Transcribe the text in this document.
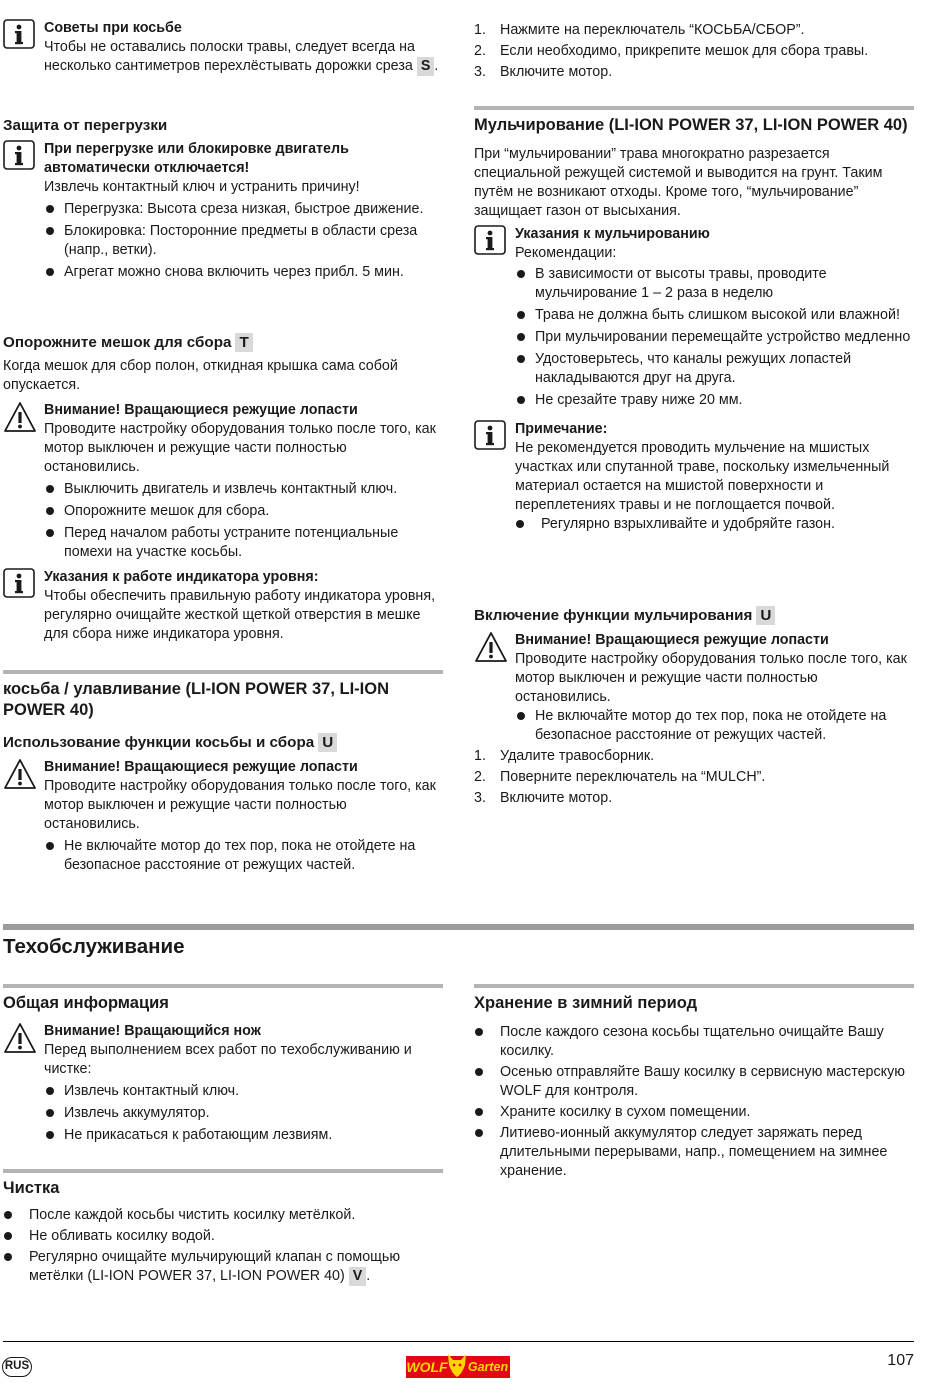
Советы при косьбе

Чтобы не оставались полоски травы, следует всегда на несколько сантиметров перехлёстывать дорожки среза S .

Защита от перегрузки

При перегрузке или блокировке двигатель автоматически отключается!

Извлечь контактный ключ и устранить причину!

Перегрузка: Высота среза низкая, быстрое движение.
Блокировка: Посторонние предметы в области среза (напр., ветки).
Агрегат можно снова включить через прибл. 5 мин.

Опорожните мешок для сбора T

Когда мешок для сбор полон, откидная крышка сама собой опускается.

Внимание! Вращающиеся режущие лопасти

Проводите настройку оборудования только после того, как мотор выключен и режущие части полностью остановились.

Выключить двигатель и извлечь контактный ключ.
Опорожните мешок для сбора.
Перед началом работы устраните потенциальные помехи на участке косьбы.

Указания к работе индикатора уровня:

Чтобы обеспечить правильную работу индикатора уровня, регулярно очищайте жесткой щеткой отверстия в мешке для сбора ниже индикатора уровня.

косьба / улавливание (LI-ION POWER 37, LI-ION POWER 40)

Использование функции косьбы и сбора U

Внимание! Вращающиеся режущие лопасти

Проводите настройку оборудования только после того, как мотор выключен и режущие части полностью остановились.

Не включайте мотор до тех пор, пока не отойдете на безопасное расстояние от режущих частей.
1. Нажмите на переключатель “КОСЬБА/СБОР”.
2. Если необходимо, прикрепите мешок для сбора травы.
3. Включите мотор.

Мульчирование (LI-ION POWER 37, LI-ION POWER 40)

При “мульчировании” трава многократно разрезается специальной режущей системой и выводится на грунт. Таким путём не возникают отходы. Кроме того, “мульчирование” защищает газон от высыхания.

Указания к мульчированию

Рекомендации:

В зависимости от высоты травы, проводите мульчирование 1 – 2 раза в неделю
Трава не должна быть слишком высокой или влажной!
При мульчировании перемещайте устройство медленно
Удостоверьтесь, что каналы режущих лопастей накладываются друг на друга.
Не срезайте траву ниже 20 мм.

Примечание:

Не рекомендуется проводить мульчение на мшистых участках или спутанной траве, поскольку измельченный материал остается на мшистой поверхности и переплетениях травы и не поглощается почвой.

Регулярно взрыхливайте и удобряйте газон.

Включение функции мульчирования U

Внимание! Вращающиеся режущие лопасти

Проводите настройку оборудования только после того, как мотор выключен и режущие части полностью остановились.

Не включайте мотор до тех пор, пока не отойдете на безопасное расстояние от режущих частей.
1. Удалите травосборник.
2. Поверните переключатель на “MULCH”.
3. Включите мотор.

Техобслуживание

Общая информация

Внимание! Вращающийся нож

Перед выполнением всех работ по техобслуживанию и чистке:

Извлечь контактный ключ.
Извлечь аккумулятор.
Не прикасаться к работающим лезвиям.

Чистка

После каждой косьбы чистить косилку метёлкой.
Не обливать косилку водой.
Регулярно очищайте мульчирующий клапан с помощью метёлки (LI-ION POWER 37, LI-ION POWER 40) V .

Хранение в зимний период

После каждого сезона косьбы тщательно очищайте Вашу косилку.
Осенью отправляйте Вашу косилку в сервисную мастерскую WOLF для контроля.
Храните косилку в сухом помещении.
Литиево-ионный аккумулятор следует заряжать перед длительными перерывами, напр., помещением на зимнее хранение.
RUS	WOLF Garten	107
